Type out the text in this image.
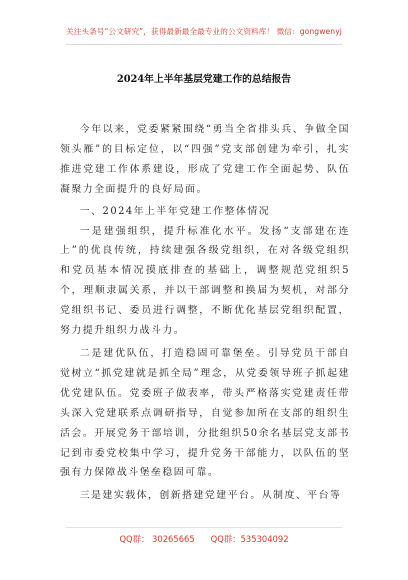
关注头条号“公文研究”，获得最新最全最专业的公文资料库！ 微信：gongwenyj
2024年上半年基层党建工作的总结报告

今年以来，党委紧紧围绕“勇当全省排头兵、争做全国领头雁”的目标定位，以“四强”党支部创建为牵引，扎实推进党建工作体系建设，形成了党建工作全面起势、队伍凝聚力全面提升的良好局面。

一、2024年上半年党建工作整体情况

一是建强组织，提升标准化水平。发扬“支部建在连上”的优良传统，持续建强各级党组织，在对各级党组织和党员基本情况摸底排查的基础上，调整规范党组织5个，理顺隶属关系，并以干部调整和换届为契机，对部分党组织书记、委员进行调整，不断优化基层党组织配置，努力提升组织力战斗力。

二是建优队伍，打造稳固可靠堡垒。引导党员干部自觉树立“抓党建就是抓全局”理念，从党委领导班子抓起建优党建队伍。党委班子做表率，带头严格落实党建责任带头深入党建联系点调研指导，自觉参加所在支部的组织生活会。开展党务干部培训，分批组织50余名基层党支部书记到市委党校集中学习，提升党务干部能力，以队伍的坚强有力保障战斗堡垒稳固可靠。

三是建实载体，创新搭建党建平台。从制度、平台等

QQ群： 30265665      QQ群：535304092
